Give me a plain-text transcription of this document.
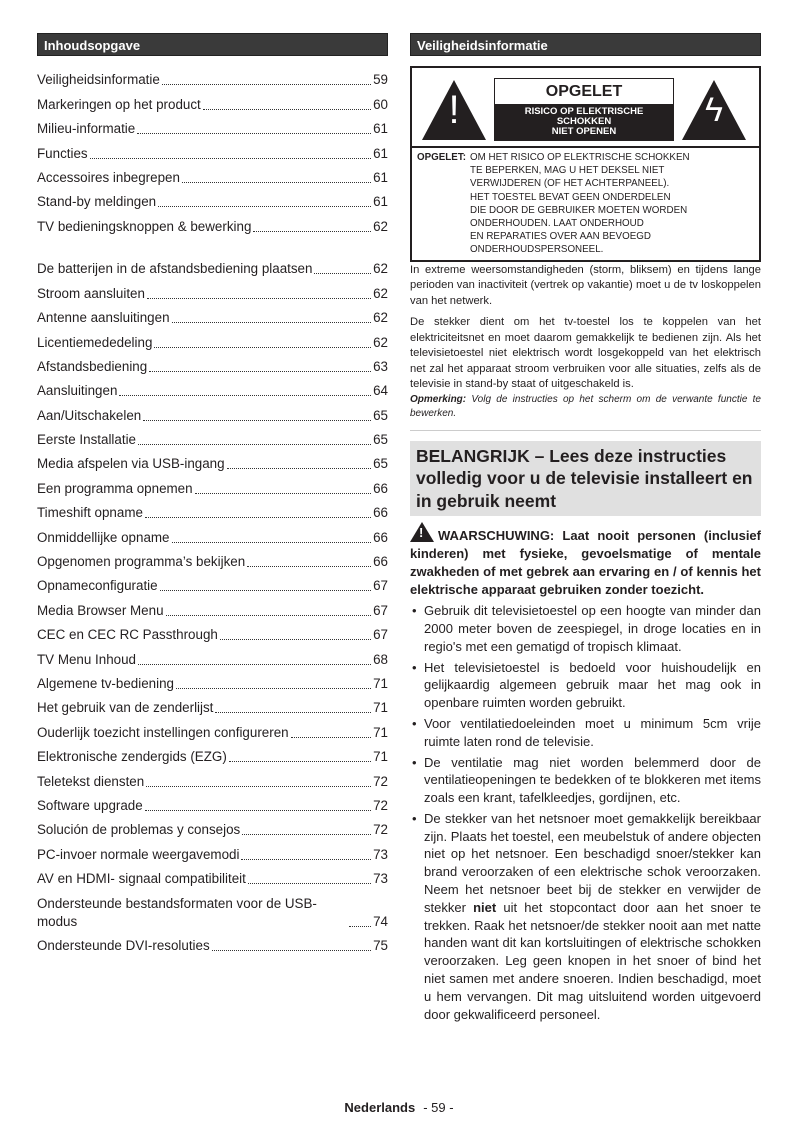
Inhoudsopgave
Veiligheidsinformatie	59
Markeringen op het product	60
Milieu-informatie	61
Functies	61
Accessoires inbegrepen	61
Stand-by meldingen	61
TV bedieningsknoppen & bewerking	62
De batterijen in de afstandsbediening plaatsen	62
Stroom aansluiten	62
Antenne aansluitingen	62
Licentiemededeling	62
Afstandsbediening	63
Aansluitingen	64
Aan/Uitschakelen	65
Eerste Installatie	65
Media afspelen via USB-ingang	65
Een programma opnemen	66
Timeshift opname	66
Onmiddellijke opname	66
Opgenomen programma’s bekijken	66
Opnameconfiguratie	67
Media Browser Menu	67
CEC en CEC RC Passthrough	67
TV Menu Inhoud	68
Algemene tv-bediening	71
Het gebruik van de zenderlijst	71
Ouderlijk toezicht instellingen configureren	71
Elektronische zendergids (EZG)	71
Teletekst diensten	72
Software upgrade	72
Solución de problemas y consejos	72
PC-invoer normale weergavemodi	73
AV en HDMI- signaal compatibiliteit	73
Ondersteunde bestandsformaten voor de USB-modus	74
Ondersteunde DVI-resoluties	75
Veiligheidsinformatie
!	OPGELET
RISICO OP ELEKTRISCHE
SCHOKKEN
NIET OPENEN
ϟ
OPGELET: OM HET RISICO OP ELEKTRISCHE SCHOKKEN
TE BEPERKEN, MAG U HET DEKSEL NIET
VERWIJDEREN (OF HET ACHTERPANEEL).
HET TOESTEL BEVAT GEEN ONDERDELEN
DIE DOOR DE GEBRUIKER MOETEN WORDEN
ONDERHOUDEN. LAAT ONDERHOUD
EN REPARATIES OVER AAN BEVOEGD
ONDERHOUDSPERSONEEL.

In extreme weersomstandigheden (storm, bliksem) en tijdens lange perioden van inactiviteit (vertrek op vakantie) moet u de tv loskoppelen van het netwerk.

De stekker dient om het tv-toestel los te koppelen van het elektriciteitsnet en moet daarom gemakkelijk te bedienen zijn. Als het televisietoestel niet elektrisch wordt losgekoppeld van het elektrisch net zal het apparaat stroom verbruiken voor alle situaties, zelfs als de televisie in stand-by staat of uitgeschakeld is.

Opmerking: Volg de instructies op het scherm om de verwante functie te bewerken.

BELANGRIJK – Lees deze instructies volledig voor u de televisie installeert en in gebruik neemt

! WAARSCHUWING: Laat nooit personen (inclusief kinderen) met fysieke, gevoelsmatige of mentale zwakheden of met gebrek aan ervaring en / of kennis het elektrische apparaat gebruiken zonder toezicht.

• Gebruik dit televisietoestel op een hoogte van minder dan 2000 meter boven de zeespiegel, in droge locaties en in regio's met een gematigd of tropisch klimaat.
• Het televisietoestel is bedoeld voor huishoudelijk en gelijkaardig algemeen gebruik maar het mag ook in openbare ruimten worden gebruikt.
• Voor ventilatiedoeleinden moet u minimum 5cm vrije ruimte laten rond de televisie.
• De ventilatie mag niet worden belemmerd door de ventilatieopeningen te bedekken of te blokkeren met items zoals een krant, tafelkleedjes, gordijnen, etc.
• De stekker van het netsnoer moet gemakkelijk bereikbaar zijn. Plaats het toestel, een meubelstuk of andere objecten niet op het netsnoer. Een beschadigd snoer/stekker kan brand veroorzaken of een elektrische schok veroorzaken. Neem het netsnoer beet bij de stekker en verwijder de stekker niet uit het stopcontact door aan het snoer te trekken. Raak het netsnoer/de stekker nooit aan met natte handen want dit kan kortsluitingen of elektrische schokken veroorzaken. Leg geen knopen in het snoer of bind het niet samen met andere snoeren. Indien beschadigd, moet u hem vervangen. Dit mag uitsluitend worden uitgevoerd door gekwalificeerd personeel.
Nederlands - 59 -
